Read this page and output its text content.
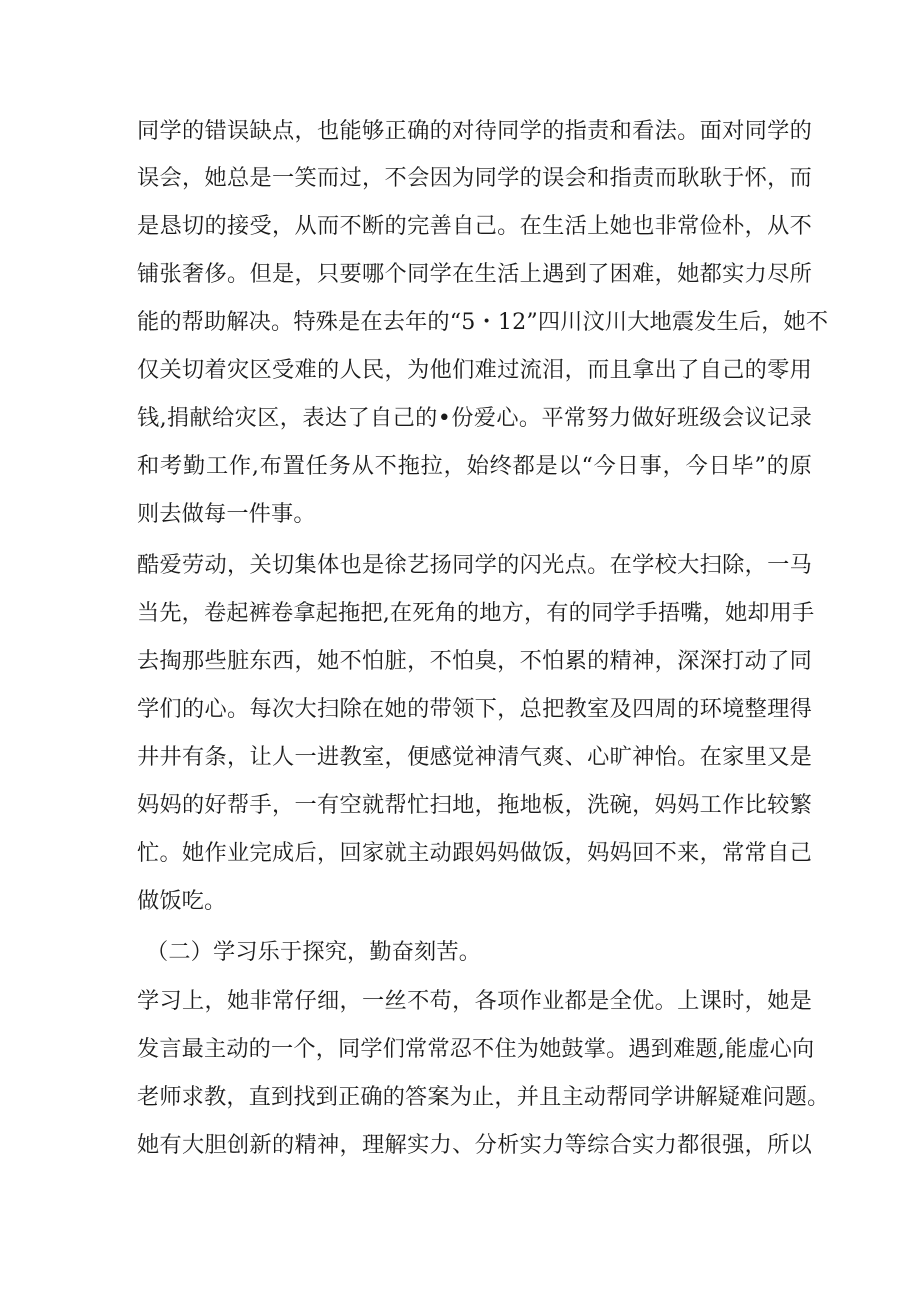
同学的错误缺点，也能够正确的对待同学的指责和看法。面对同学的
误会，她总是一笑而过，不会因为同学的误会和指责而耿耿于怀，而
是恳切的接受，从而不断的完善自己。在生活上她也非常俭朴，从不
铺张奢侈。但是，只要哪个同学在生活上遇到了困难，她都实力尽所
能的帮助解决。特殊是在去年的“5・12”四川汶川大地震发生后，她不
仅关切着灾区受难的人民，为他们难过流泪，而且拿出了自己的零用
钱,捐献给灾区，表达了自己的•份爱心。平常努力做好班级会议记录
和考勤工作,布置任务从不拖拉，始终都是以“今日事，今日毕”的原
则去做每一件事。
酷爱劳动，关切集体也是徐艺扬同学的闪光点。在学校大扫除，一马
当先，卷起裤卷拿起拖把,在死角的地方，有的同学手捂嘴，她却用手
去掏那些脏东西，她不怕脏，不怕臭，不怕累的精神，深深打动了同
学们的心。每次大扫除在她的带领下，总把教室及四周的环境整理得
井井有条，让人一进教室，便感觉神清气爽、心旷神怡。在家里又是
妈妈的好帮手，一有空就帮忙扫地，拖地板，洗碗，妈妈工作比较繁
忙。她作业完成后，回家就主动跟妈妈做饭，妈妈回不来，常常自己
做饭吃。
（二）学习乐于探究，勤奋刻苦。
学习上，她非常仔细，一丝不苟，各项作业都是全优。上课时，她是
发言最主动的一个，同学们常常忍不住为她鼓掌。遇到难题,能虚心向
老师求教，直到找到正确的答案为止，并且主动帮同学讲解疑难问题。
她有大胆创新的精神，理解实力、分析实力等综合实力都很强，所以
